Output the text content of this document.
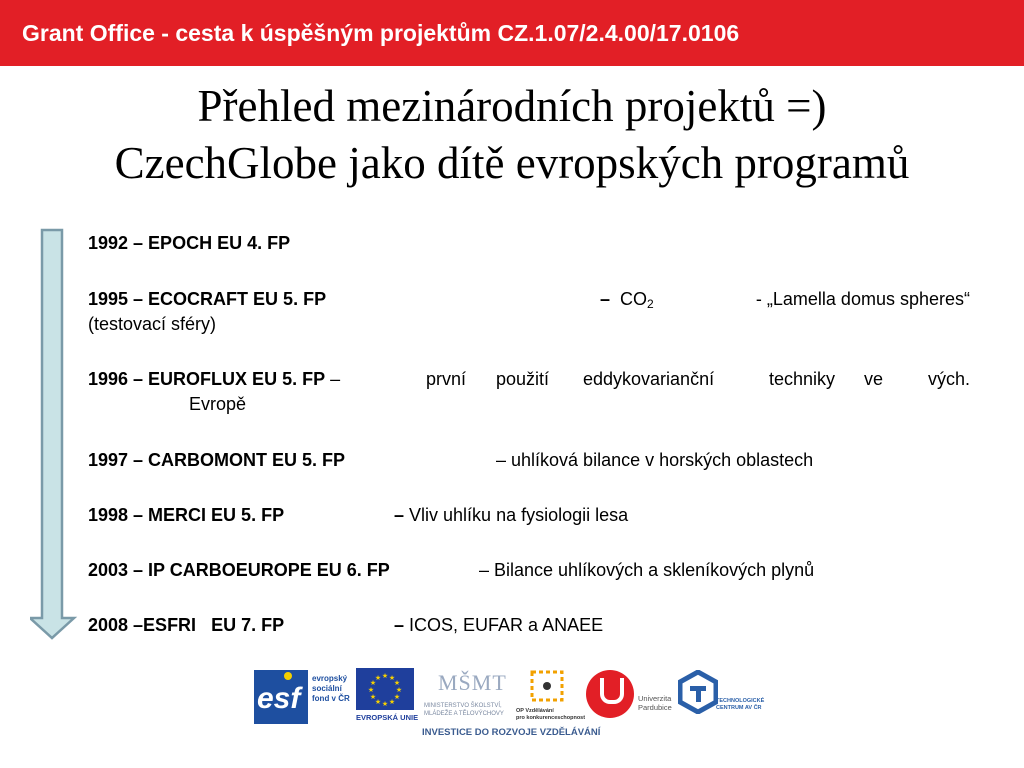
Grant Office - cesta k úspěšným projektům CZ.1.07/2.4.00/17.0106
Přehled mezinárodních projektů =)
CzechGlobe jako dítě evropských programů
1992 – EPOCH EU 4. FP
1995 – ECOCRAFT EU 5. FP	– $CO_2$	- „Lamella domus spheres“
(testovací sféry)
1996 – EUROFLUX EU 5. FP –	první použití eddykovarianční	techniky ve vých.
Evropě
1997 – CARBOMONT EU 5. FP	– uhlíková bilance v horských oblastech
1998 – MERCI EU 5. FP	– Vliv uhlíku na fysiologii lesa
2003 – IP CARBOEUROPE EU 6. FP	– Bilance uhlíkových a skleníkových plynů
2008 –ESFRI   EU 7. FP	– ICOS, EUFAR a ANAEE
esf
evropský
sociální
fond v ČR
★ ★
★
★
★
★
★
★
★
★
★
★
EVROPSKÁ UNIE
MŠMT
MINISTERSTVO ŠKOLSTVÍ,
MLÁDEŽE A TĚLOVÝCHOVY OP Vzdělávání
pro konkurenceschopnost
Univerzita
Pardubice
TECHNOLOGICKÉ
CENTRUM AV ČR
INVESTICE DO ROZVOJE VZDĚLÁVÁNÍ
